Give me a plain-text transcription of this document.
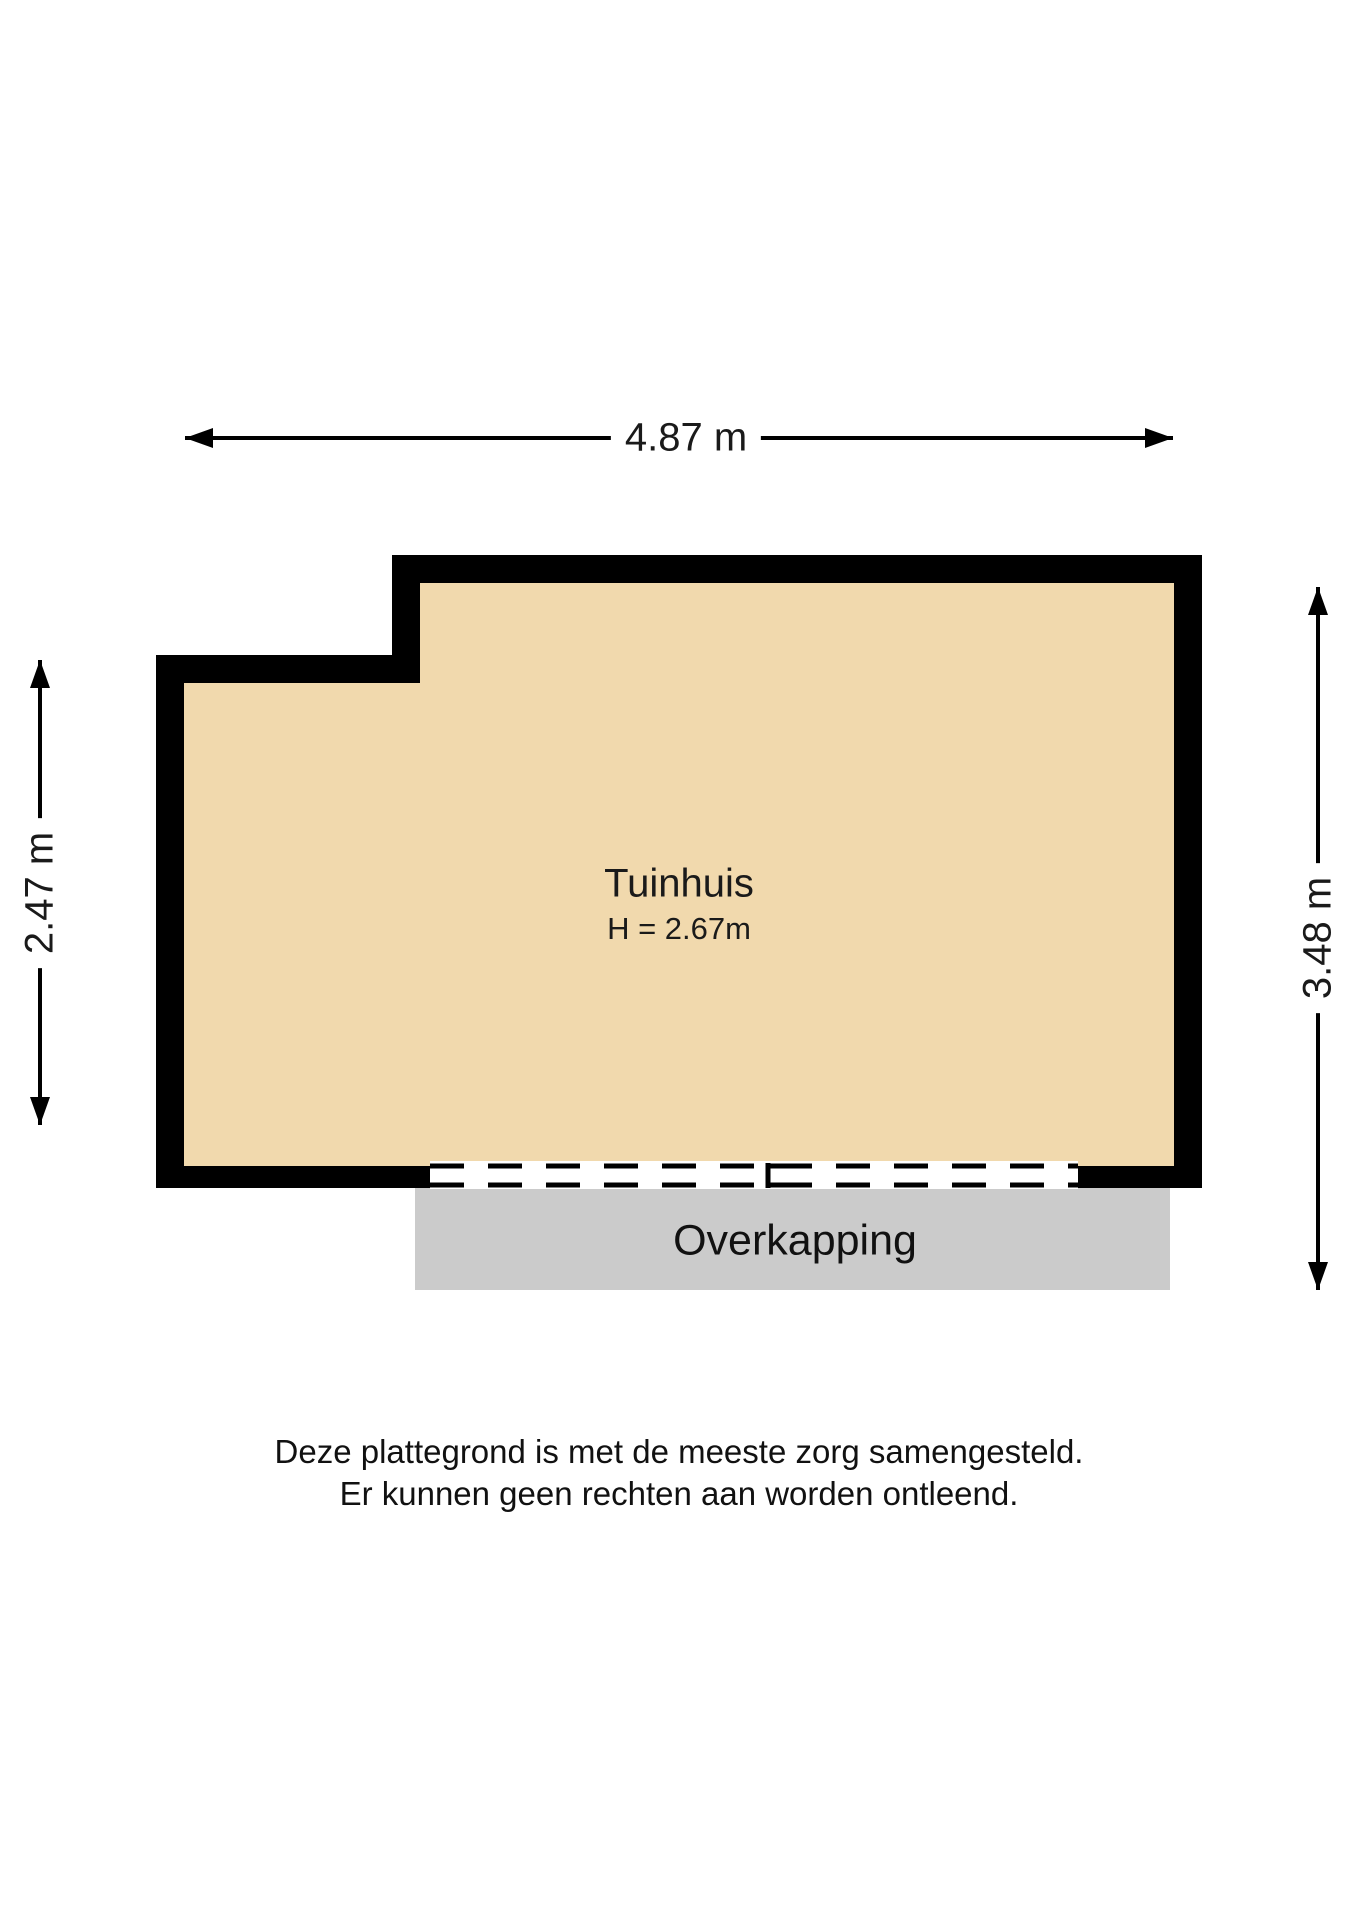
4.87 m
2.47 m	3.48 m
Tuinhuis
H = 2.67m
Overkapping
Deze plattegrond is met de meeste zorg samengesteld.
Er kunnen geen rechten aan worden ontleend.
